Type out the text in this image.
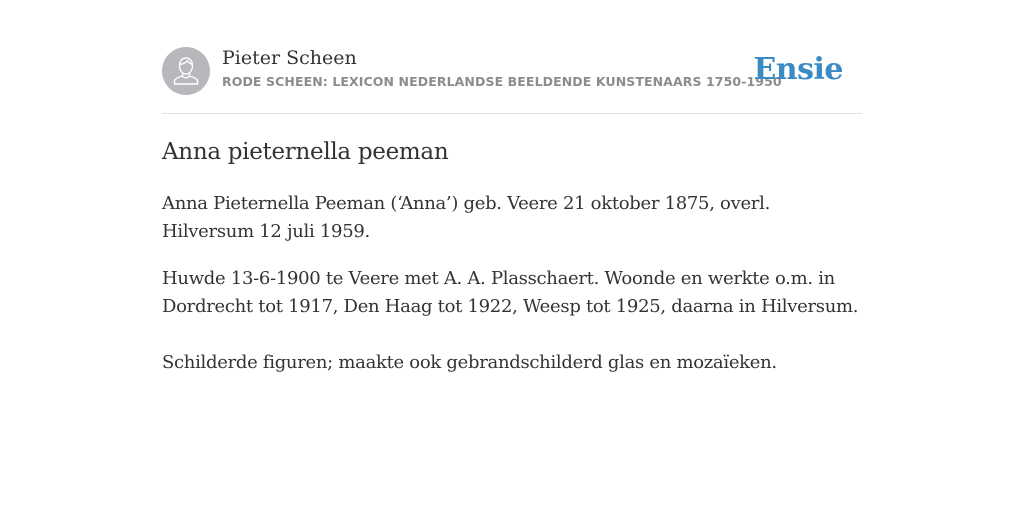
Pieter Scheen
RODE SCHEEN: LEXICON NEDERLANDSE BEELDENDE KUNSTENAARS 1750-1950
Ensie
Anna pieternella peeman

Anna Pieternella Peeman (‘Anna’) geb. Veere 21 oktober 1875, overl. Hilversum 12 juli 1959.

Huwde 13-6-1900 te Veere met A. A. Plasschaert. Woonde en werkte o.m. in Dordrecht tot 1917, Den Haag tot 1922, Weesp tot 1925, daarna in Hilversum.

Schilderde figuren; maakte ook gebrandschilderd glas en mozaïeken.
